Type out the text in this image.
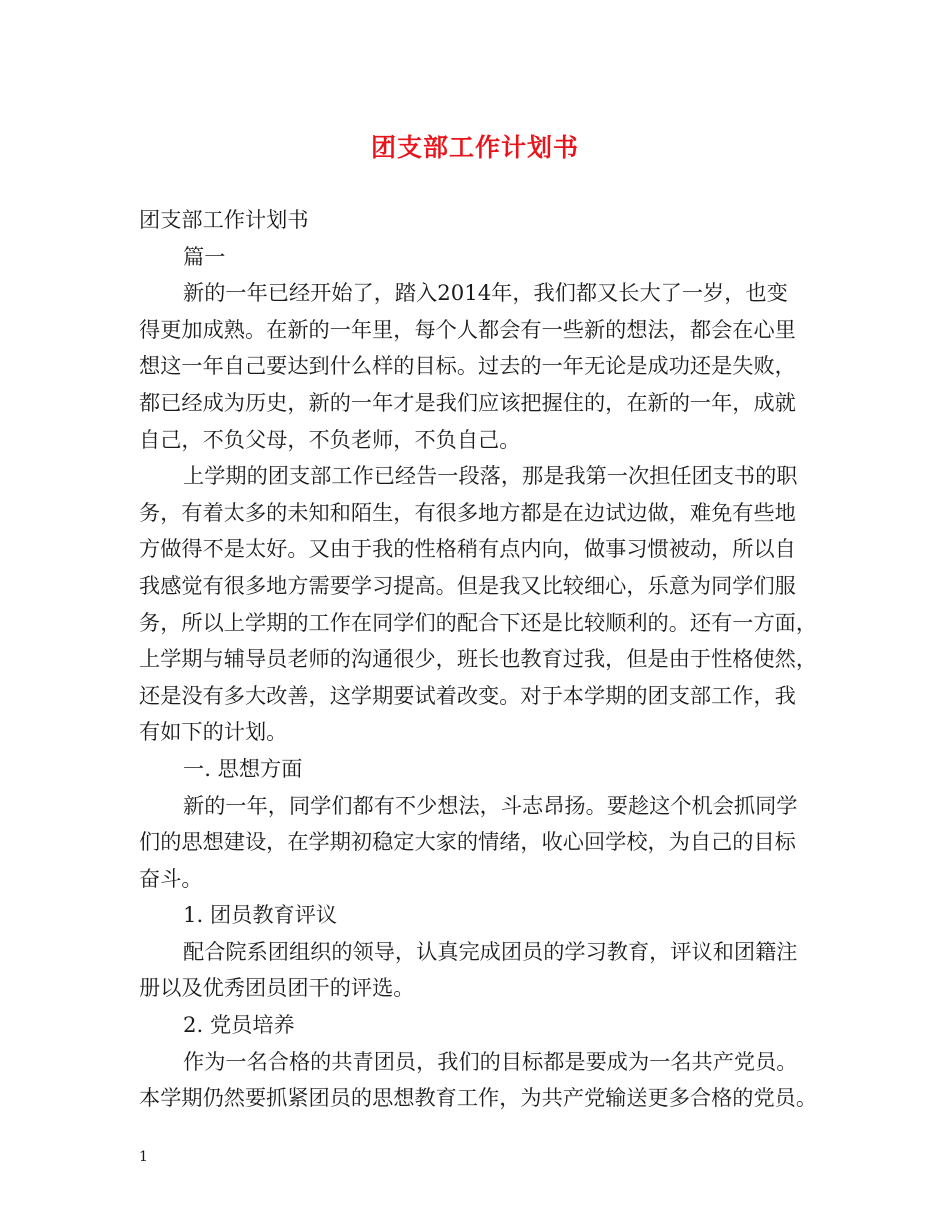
团支部工作计划书
团支部工作计划书
篇一
新的一年已经开始了，踏入2014年，我们都又长大了一岁，也变
得更加成熟。在新的一年里，每个人都会有一些新的想法，都会在心里
想这一年自己要达到什么样的目标。过去的一年无论是成功还是失败，
都已经成为历史，新的一年才是我们应该把握住的，在新的一年，成就
自己，不负父母，不负老师，不负自己。
上学期的团支部工作已经告一段落，那是我第一次担任团支书的职
务，有着太多的未知和陌生，有很多地方都是在边试边做，难免有些地
方做得不是太好。又由于我的性格稍有点内向，做事习惯被动，所以自
我感觉有很多地方需要学习提高。但是我又比较细心，乐意为同学们服
务，所以上学期的工作在同学们的配合下还是比较顺利的。还有一方面，
上学期与辅导员老师的沟通很少，班长也教育过我，但是由于性格使然，
还是没有多大改善，这学期要试着改变。对于本学期的团支部工作，我
有如下的计划。
一. 思想方面
新的一年，同学们都有不少想法，斗志昂扬。要趁这个机会抓同学
们的思想建设，在学期初稳定大家的情绪，收心回学校，为自己的目标
奋斗。
1. 团员教育评议
配合院系团组织的领导，认真完成团员的学习教育，评议和团籍注
册以及优秀团员团干的评选。
2. 党员培养
作为一名合格的共青团员，我们的目标都是要成为一名共产党员。
本学期仍然要抓紧团员的思想教育工作，为共产党输送更多合格的党员。
1
